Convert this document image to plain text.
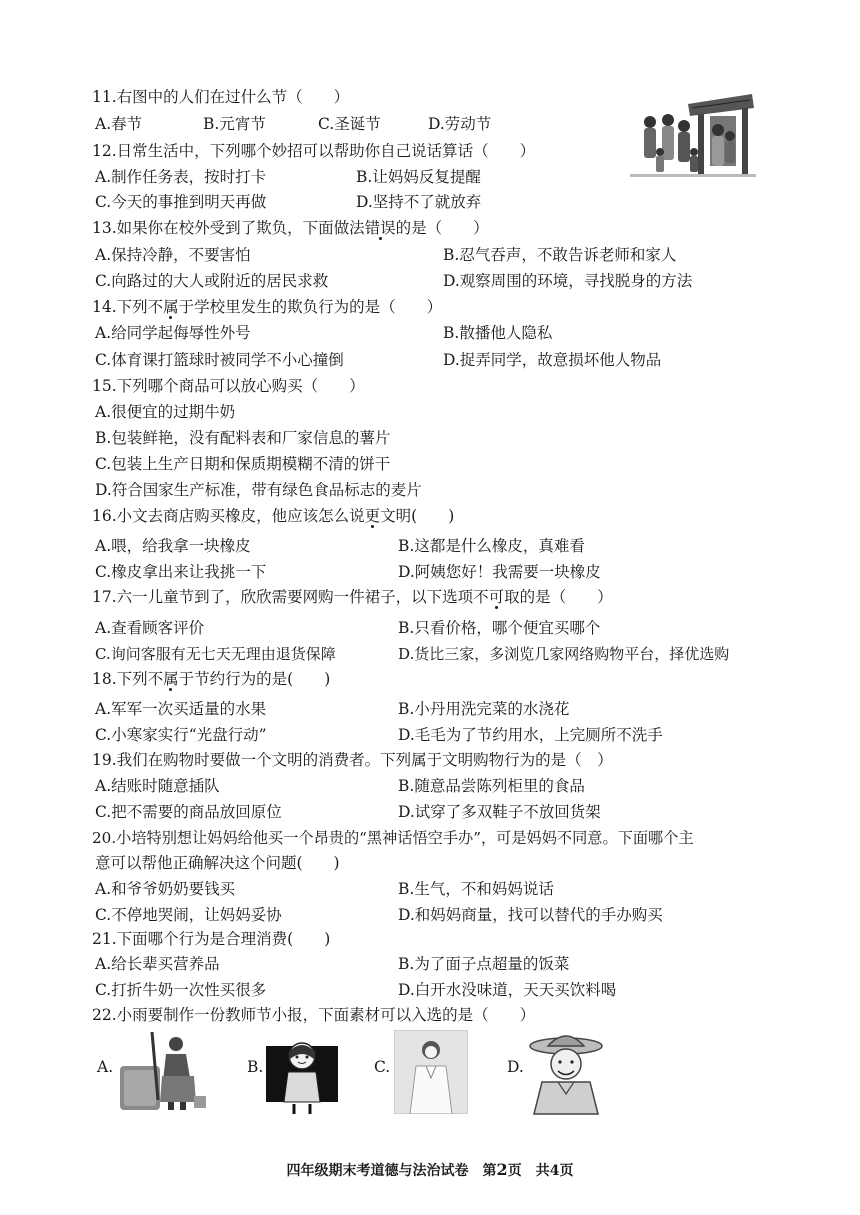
11.右图中的人们在过什么节（　　）
A.春节	B.元宵节	C.圣诞节	D.劳动节
12.日常生活中，下列哪个妙招可以帮助你自己说话算话（　　）
A.制作任务表，按时打卡	B.让妈妈反复提醒
C.今天的事推到明天再做	D.坚持不了就放弃
13.如果你在校外受到了欺负，下面做法错误的是（　　）
A.保持冷静，不要害怕	B.忍气吞声，不敢告诉老师和家人
C.向路过的大人或附近的居民求救	D.观察周围的环境，寻找脱身的方法
14.下列不属于学校里发生的欺负行为的是（　　）
A.给同学起侮辱性外号	B.散播他人隐私
C.体育课打篮球时被同学不小心撞倒	D.捉弄同学，故意损坏他人物品
15.下列哪个商品可以放心购买（　　）
A.很便宜的过期牛奶
B.包装鲜艳，没有配料表和厂家信息的薯片
C.包装上生产日期和保质期模糊不清的饼干
D.符合国家生产标准，带有绿色食品标志的麦片
16.小文去商店购买橡皮，他应该怎么说更文明(　　)
A.喂，给我拿一块橡皮	B.这都是什么橡皮，真难看
C.橡皮拿出来让我挑一下	D.阿姨您好！我需要一块橡皮
17.六一儿童节到了，欣欣需要网购一件裙子，以下选项不可取的是（　　）
A.查看顾客评价	B.只看价格，哪个便宜买哪个
C.询问客服有无七天无理由退货保障	D.货比三家，多浏览几家网络购物平台，择优选购
18.下列不属于节约行为的是(　　)
A.军军一次买适量的水果	B.小丹用洗完菜的水浇花
C.小寒家实行“光盘行动”	D.毛毛为了节约用水，上完厕所不洗手
19.我们在购物时要做一个文明的消费者。下列属于文明购物行为的是（　）
A.结账时随意插队	B.随意品尝陈列柜里的食品
C.把不需要的商品放回原位	D.试穿了多双鞋子不放回货架
20.小培特别想让妈妈给他买一个昂贵的“黑神话悟空手办”，可是妈妈不同意。下面哪个主
意可以帮他正确解决这个问题(　　)
A.和爷爷奶奶要钱买	B.生气，不和妈妈说话
C.不停地哭闹，让妈妈妥协	D.和妈妈商量，找可以替代的手办购买
21.下面哪个行为是合理消费(　　)
A.给长辈买营养品	B.为了面子点超量的饭菜
C.打折牛奶一次性买很多	D.白开水没味道，天天买饮料喝
22.小雨要制作一份教师节小报，下面素材可以入选的是（　　）
A.	B.	C.	D.
四年级期末考道德与法治试卷　第2页　共4页
